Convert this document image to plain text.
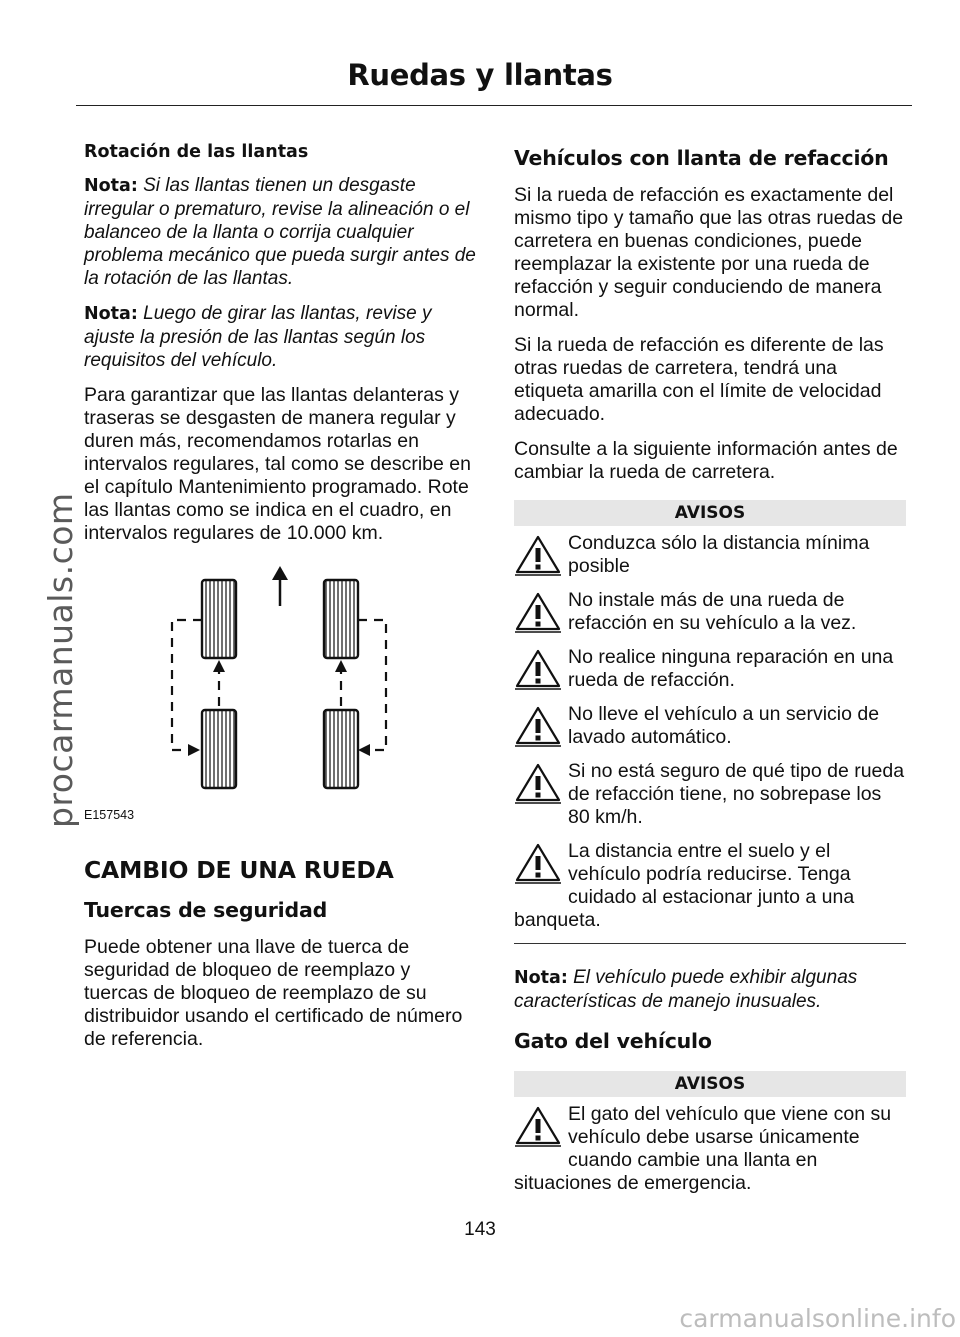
Ruedas y llantas

Rotación de las llantas

Nota: Si las llantas tienen un desgaste irregular o prematuro, revise la alineación o el balanceo de la llanta o corrija cualquier problema mecánico que pueda surgir antes de la rotación de las llantas.

Nota: Luego de girar las llantas, revise y ajuste la presión de las llantas según los requisitos del vehículo.

Para garantizar que las llantas delanteras y traseras se desgasten de manera regular y duren más, recomendamos rotarlas en intervalos regulares, tal como se describe en el capítulo Mantenimiento programado. Rote las llantas como se indica en el cuadro, en intervalos regulares de 10.000 km.

E157543

CAMBIO DE UNA RUEDA

Tuercas de seguridad

Puede obtener una llave de tuerca de seguridad de bloqueo de reemplazo y tuercas de bloqueo de reemplazo de su distribuidor usando el certificado de número de referencia.

Vehículos con llanta de refacción

Si la rueda de refacción es exactamente del mismo tipo y tamaño que las otras ruedas de carretera en buenas condiciones, puede reemplazar la existente por una rueda de refacción y seguir conduciendo de manera normal.

Si la rueda de refacción es diferente de las otras ruedas de carretera, tendrá una etiqueta amarilla con el límite de velocidad adecuado.

Consulte a la siguiente información antes de cambiar la rueda de carretera.

AVISOS
Conduzca sólo la distancia mínima posible
No instale más de una rueda de refacción en su vehículo a la vez.
No realice ninguna reparación en una rueda de refacción.
No lleve el vehículo a un servicio de lavado automático.
Si no está seguro de qué tipo de rueda de refacción tiene, no sobrepase los 80 km/h.
La distancia entre el suelo y el vehículo podría reducirse. Tenga cuidado al estacionar junto a una
banqueta.

Nota: El vehículo puede exhibir algunas características de manejo inusuales.

Gato del vehículo

AVISOS
El gato del vehículo que viene con su vehículo debe usarse únicamente cuando cambie una llanta en
situaciones de emergencia.
143
procarmanuals.com
carmanualsonline.info
